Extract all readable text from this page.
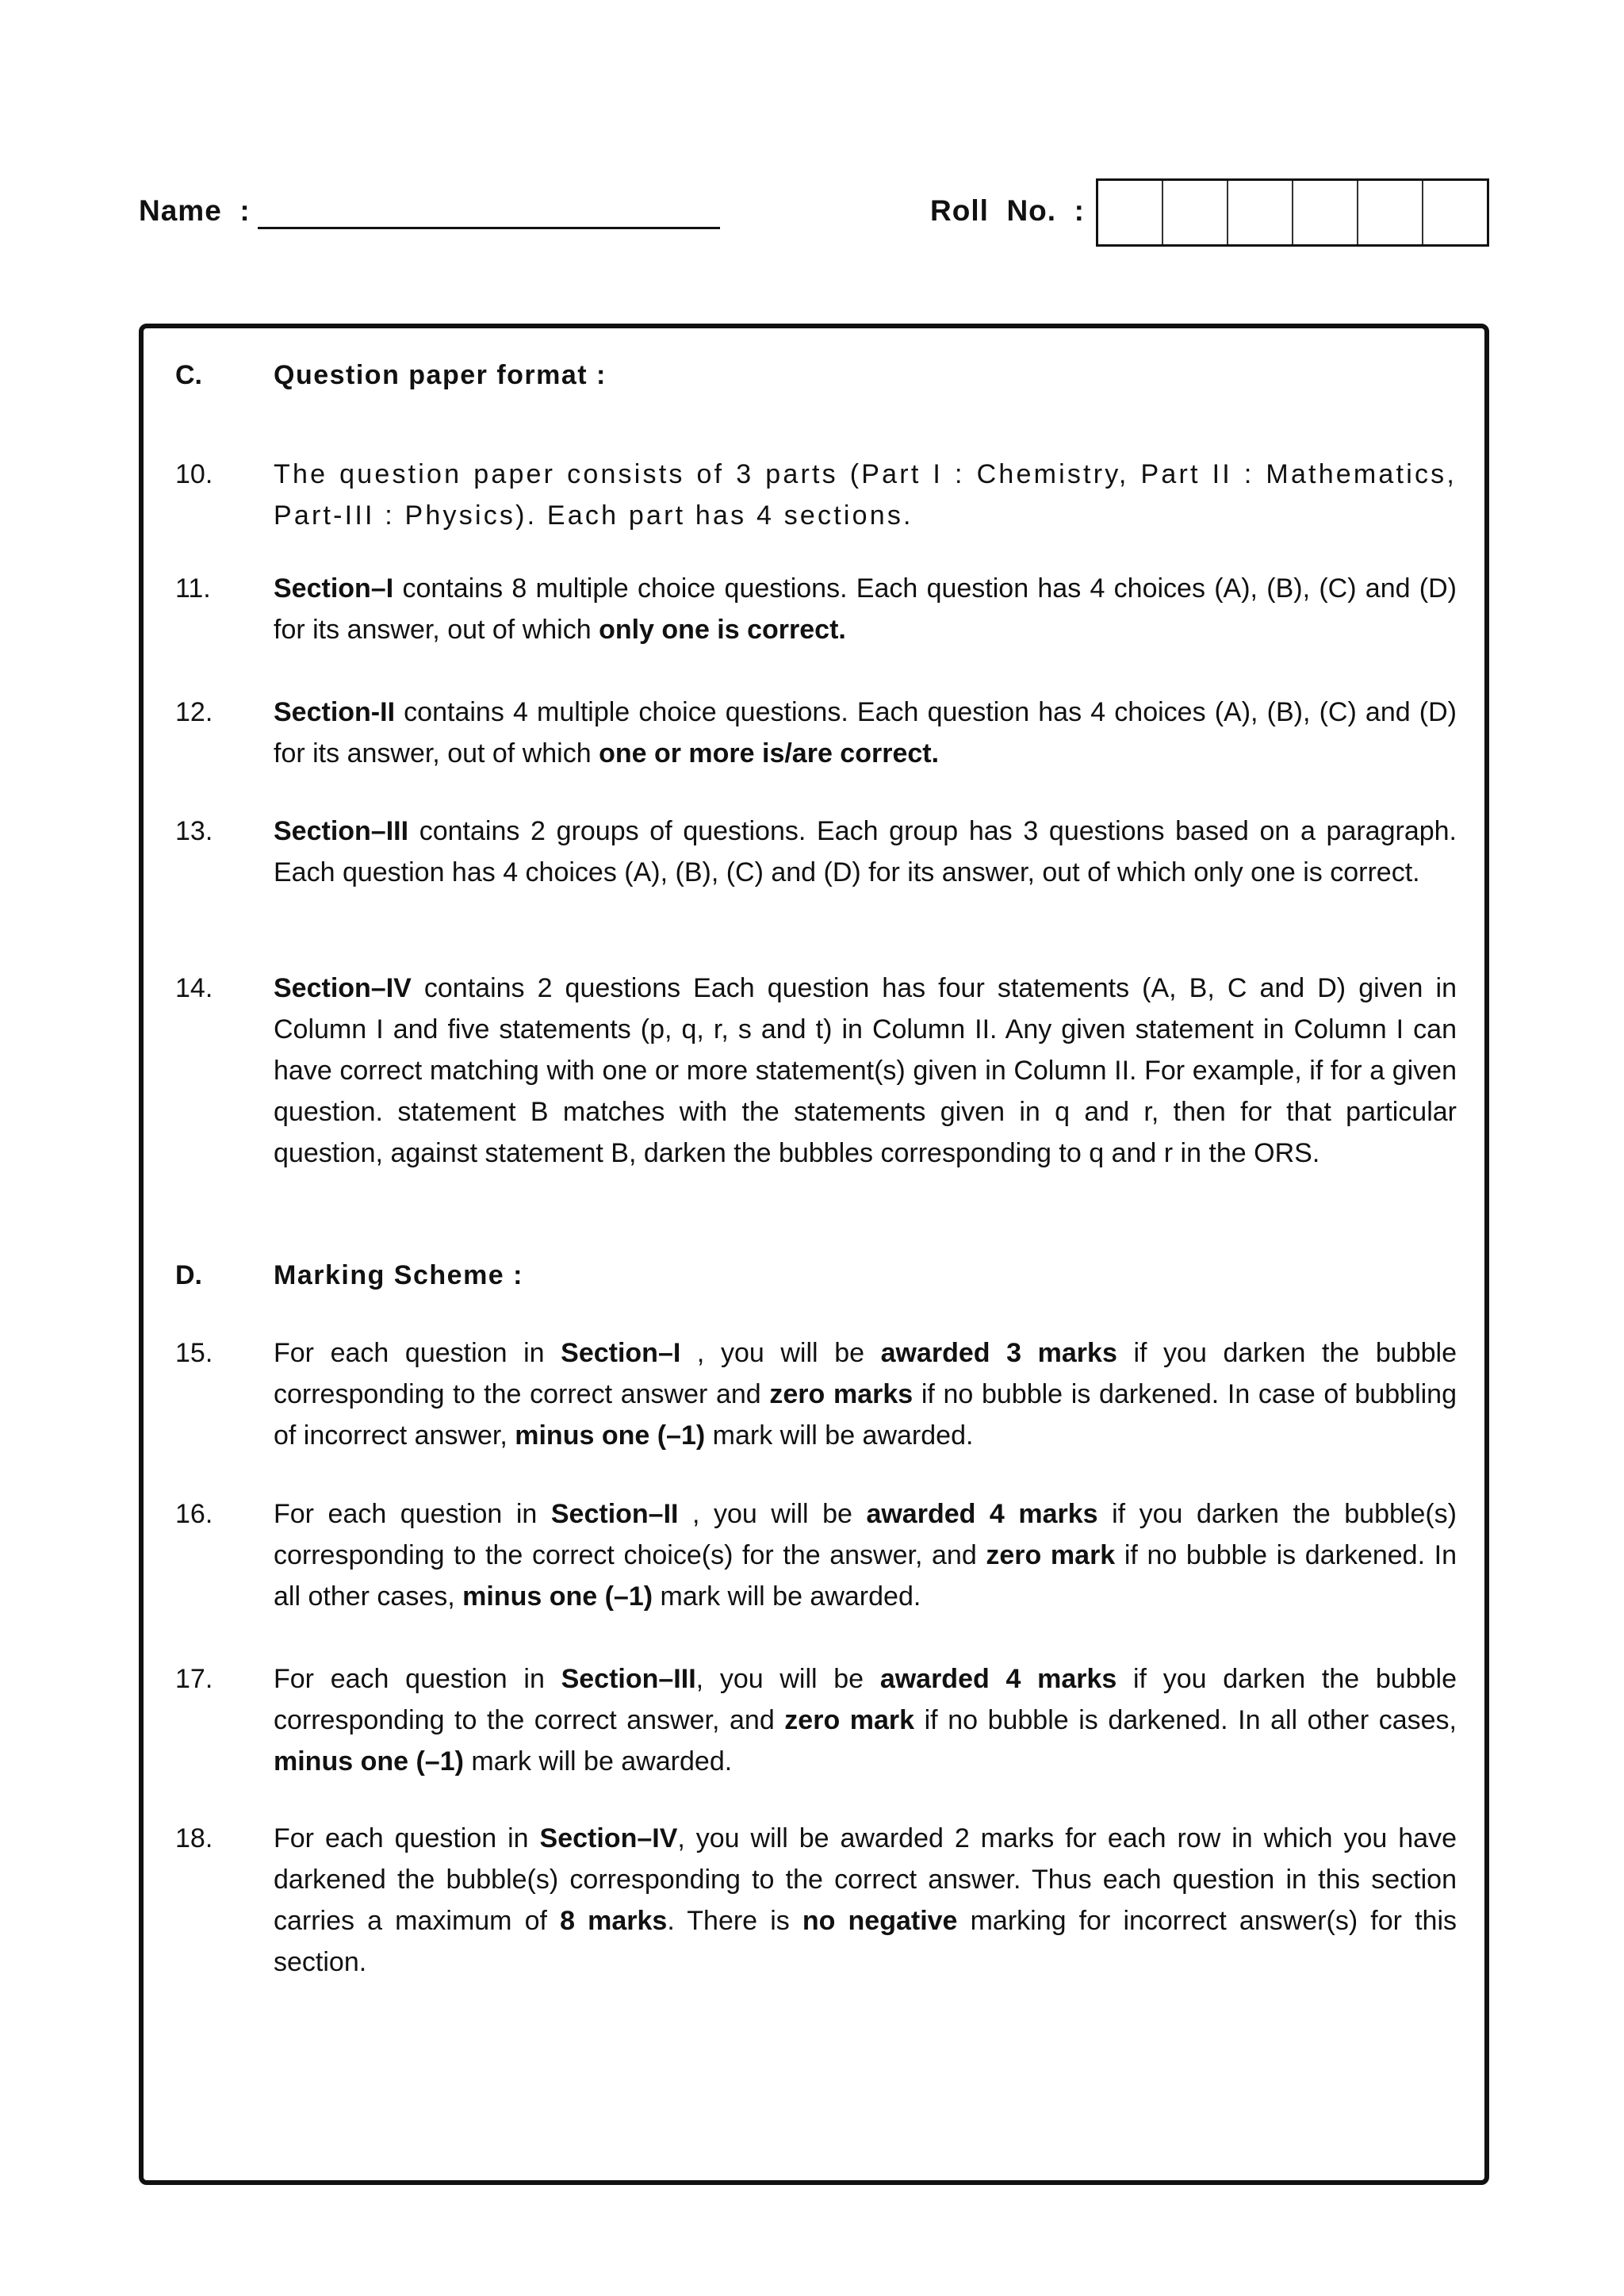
Name  :	Roll  No.  :
C.	Question paper format :
10.	The question paper consists of 3 parts (Part I : Chemistry, Part II : Mathematics, Part-III : Physics). Each part has 4 sections.
11.	Section–I contains 8 multiple choice questions. Each question has 4 choices (A), (B), (C) and (D) for its answer, out of which only one is correct.
12.	Section-II contains 4 multiple choice questions. Each question has 4 choices (A), (B), (C) and (D) for its answer, out of which one or more is/are correct.
13.	Section–III contains 2 groups of questions. Each group has 3 questions based on a paragraph. Each question has 4 choices (A), (B), (C) and (D) for its answer, out of which only one is correct.
14.	Section–IV contains 2 questions Each question has four statements (A, B, C and D) given in Column I and five statements (p, q, r, s and t) in Column II. Any given statement in Column I can have correct matching with one or more statement(s) given in Column II. For example, if for a given question. statement B matches with the statements given in q and r, then for that particular question, against statement B, darken the bubbles corresponding to q and r in the ORS.
D.	Marking Scheme :
15.	For each question in Section–I , you will be awarded 3 marks if you darken the bubble corresponding to the correct answer and zero marks if no bubble is darkened. In case of bubbling of incorrect answer, minus one (–1) mark will be awarded.
16.	For each question in Section–II , you will be awarded 4 marks if you darken the bubble(s) corresponding to the correct choice(s) for the answer, and zero mark if no bubble is darkened. In all other cases, minus one (–1) mark will be awarded.
17.	For each question in Section–III, you will be awarded 4 marks if you darken the bubble corresponding to the correct answer, and zero mark if no bubble is darkened. In all other cases, minus one (–1) mark will be awarded.
18.	For each question in Section–IV, you will be awarded 2 marks for each row in which you have darkened the bubble(s) corresponding to the correct answer. Thus each question in this section carries a maximum of 8 marks. There is no negative marking for incorrect answer(s) for this section.
